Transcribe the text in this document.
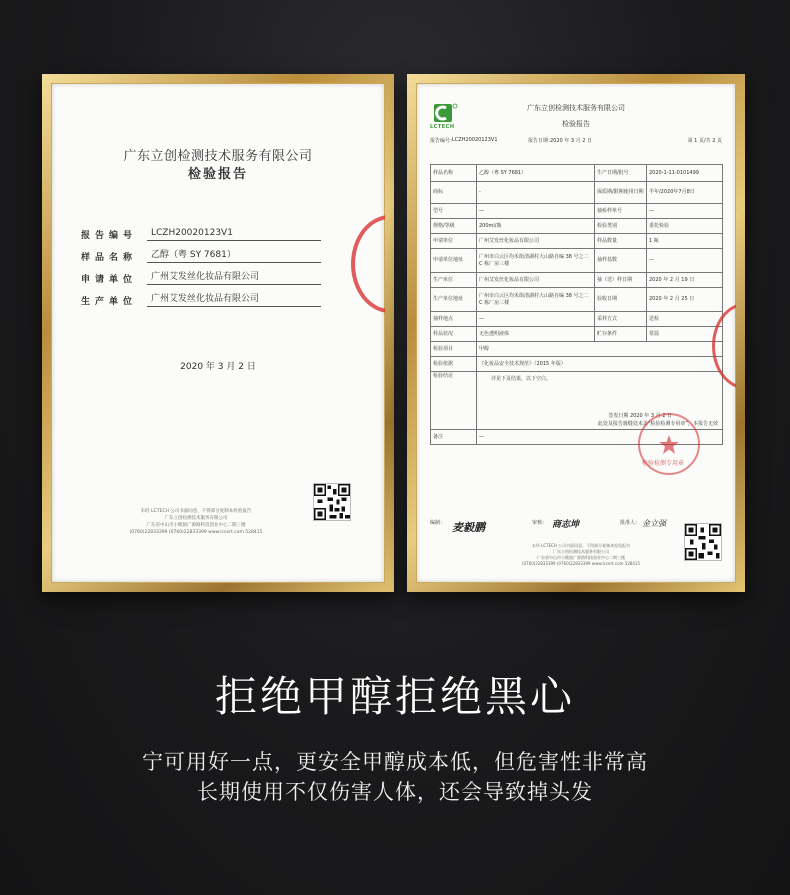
广东立创检测技术服务有限公司
检验报告
报告编号	LCZH20020123V1
样品名称	乙醇（粤 SY 7681）
申请单位	广州艾发丝化妆品有限公司
生产单位	广州艾发丝化妆品有限公司
2020 年 3 月 2 日
未经 LCTECH 公司书面同意，不得部分复制本检验报告
广东立创检测技术服务有限公司
广东省中山市小榄镇广源路科技创业中心二期三楼
(0760)22833399 (0760)22833399 www.lccert.com 528415
LCTECH
广东立创检测技术服务有限公司
检验报告
报告编号：
LCZH20020123V1	报告日期：
2020 年 3 月 2 日	第 1 页/共 2 页
样品名称	乙醇（粤 SY 7681）	生产日期/批号	2020-1-11-0101499
商标	-	保质期/限期使用日期	半年/2020年7月8日
型号	—	抽检样单号	—
规格/等级	200ml/瓶	检验类别	委托检验
申请单位	广州艾发丝化妆品有限公司	样品数量	1 瓶
申请单位地址	广州市白云区均禾街清湖村大山路自编 38 号之二 C 栋厂房三楼	抽样基数	—
生产单位	广州艾发丝化妆品有限公司	抽（送）样日期	2020 年 2 月 19 日
生产单位地址	广州市白云区均禾街清湖村大山路自编 38 号之二 C 栋厂房三楼	验收日期	2020 年 2 月 25 日
抽样地点	—	采样方式	送检
样品状况	无色透明液体	贮存条件	常温
检验项目	甲醇		
检验依据	《化妆品安全技术规范》（2015 年版）		
检验结论	详见下页结果，以下空白。
签发日期 2020 年 3 月 2 日
此处及报告骑缝处未盖“检验检测专用章”，本报告无效		

备注	—		
检验检测专用章
编制： 麦毅鹏	审核： 商志坤	批准人： 金立强
未经 LCTECH 公司书面同意，不得部分复制本检验报告
广东立创检测技术服务有限公司
广东省中山市小榄镇广源路科技创业中心二期三楼
(0760)22833399 (0760)22833399 www.lccert.com 528415
拒绝甲醇拒绝黑心
宁可用好一点，更安全甲醇成本低，但危害性非常高
长期使用不仅伤害人体，还会导致掉头发
